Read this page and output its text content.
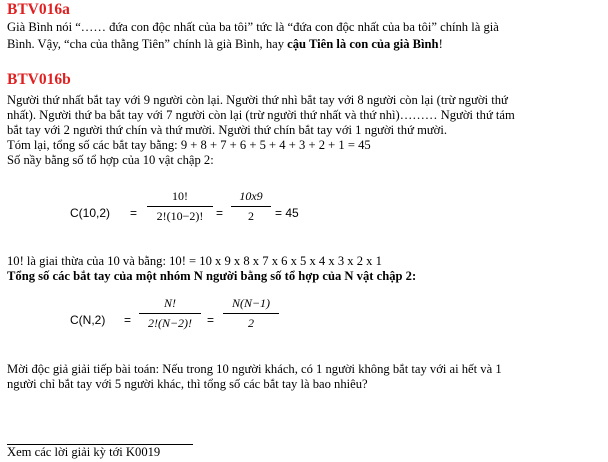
BTV016a
Già Bình nói “…… đứa con độc nhất của ba tôi” tức là “đứa con độc nhất của ba tôi” chính là già
Bình. Vậy, “cha của thằng Tiên” chính là già Bình, hay cậu Tiên là con của già Bình!
BTV016b
Người thứ nhất bắt tay với 9 người còn lại. Người thứ nhì bắt tay với 8 người còn lại (trừ người thứ
nhất). Người thứ ba bắt tay với 7 người còn lại (trừ người thứ nhất và thứ nhì)……… Người thứ tám
bắt tay với 2 người thứ chín và thứ mười. Người thứ chín bắt tay với 1 người thứ mười.
Tóm lại, tổng số các bắt tay bằng: 9 + 8 + 7 + 6 + 5 + 4 + 3 + 2 + 1 = 45
Số nầy bằng số tổ hợp của 10 vật chập 2:
C(10,2) =
10!
2!(10−2)!	=
10x9
2	= 45
10! là giai thừa của 10 và bằng: 10! = 10 x 9 x 8 x 7 x 6 x 5 x 4 x 3 x 2 x 1
Tổng số các bắt tay của một nhóm N người bằng số tổ hợp của N vật chập 2:
C(N,2) =
N!
2!(N−2)!	=
N(N−1)
2
Mời độc giả giải tiếp bài toán: Nếu trong 10 người khách, có 1 người không bắt tay với ai hết và 1
người chỉ bắt tay với 5 người khác, thì tổng số các bắt tay là bao nhiêu?
Xem các lời giải kỳ tới K0019
